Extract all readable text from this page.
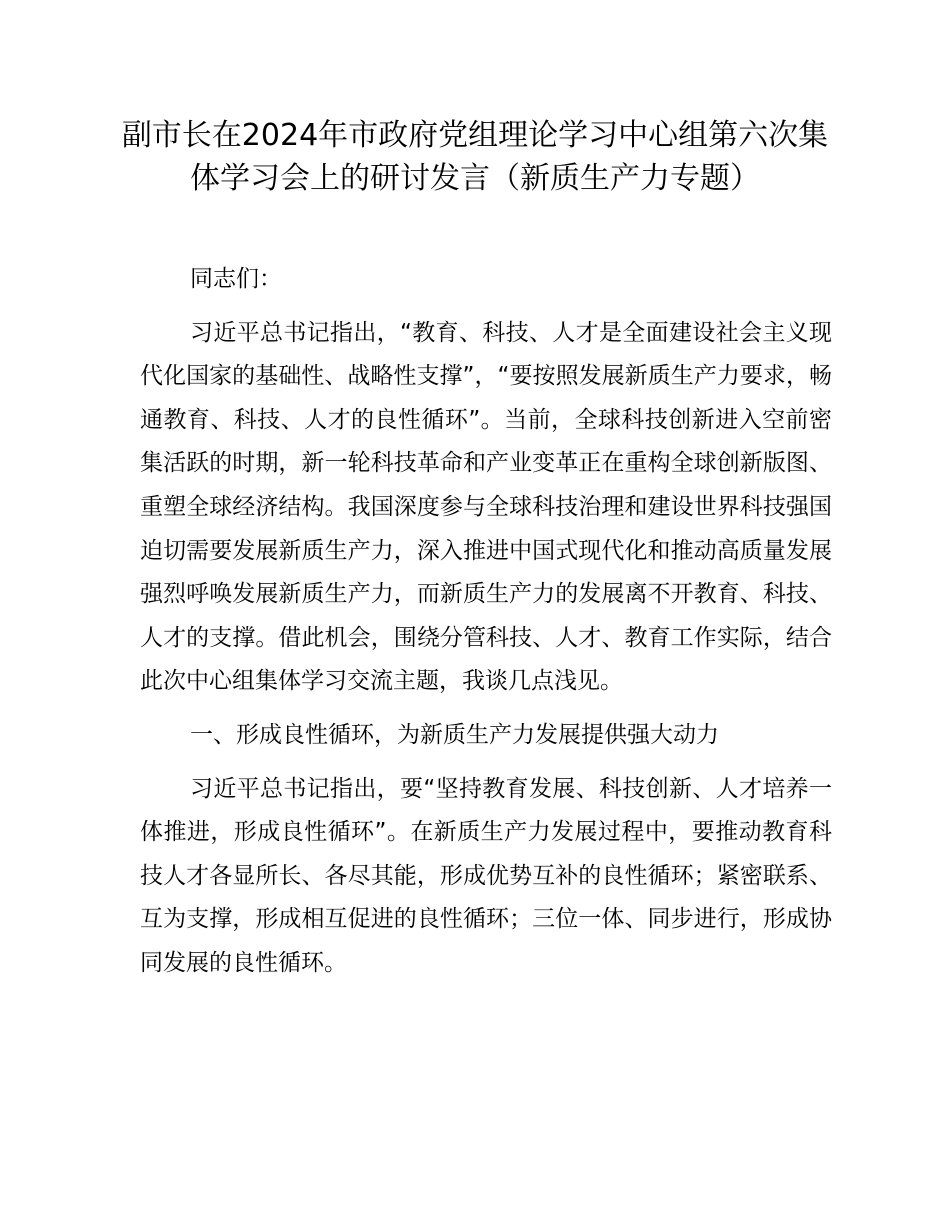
副市长在2024年市政府党组理论学习中心组第六次集体学习会上的研讨发言（新质生产力专题）

同志们：

习近平总书记指出，“教育、科技、人才是全面建设社会主义现代化国家的基础性、战略性支撑”，“要按照发展新质生产力要求，畅通教育、科技、人才的良性循环”。当前，全球科技创新进入空前密集活跃的时期，新一轮科技革命和产业变革正在重构全球创新版图、重塑全球经济结构。我国深度参与全球科技治理和建设世界科技强国迫切需要发展新质生产力，深入推进中国式现代化和推动高质量发展强烈呼唤发展新质生产力，而新质生产力的发展离不开教育、科技、人才的支撑。借此机会，围绕分管科技、人才、教育工作实际，结合此次中心组集体学习交流主题，我谈几点浅见。

一、形成良性循环，为新质生产力发展提供强大动力

习近平总书记指出，要“坚持教育发展、科技创新、人才培养一体推进，形成良性循环”。在新质生产力发展过程中，要推动教育科技人才各显所长、各尽其能，形成优势互补的良性循环；紧密联系、互为支撑，形成相互促进的良性循环；三位一体、同步进行，形成协同发展的良性循环。
